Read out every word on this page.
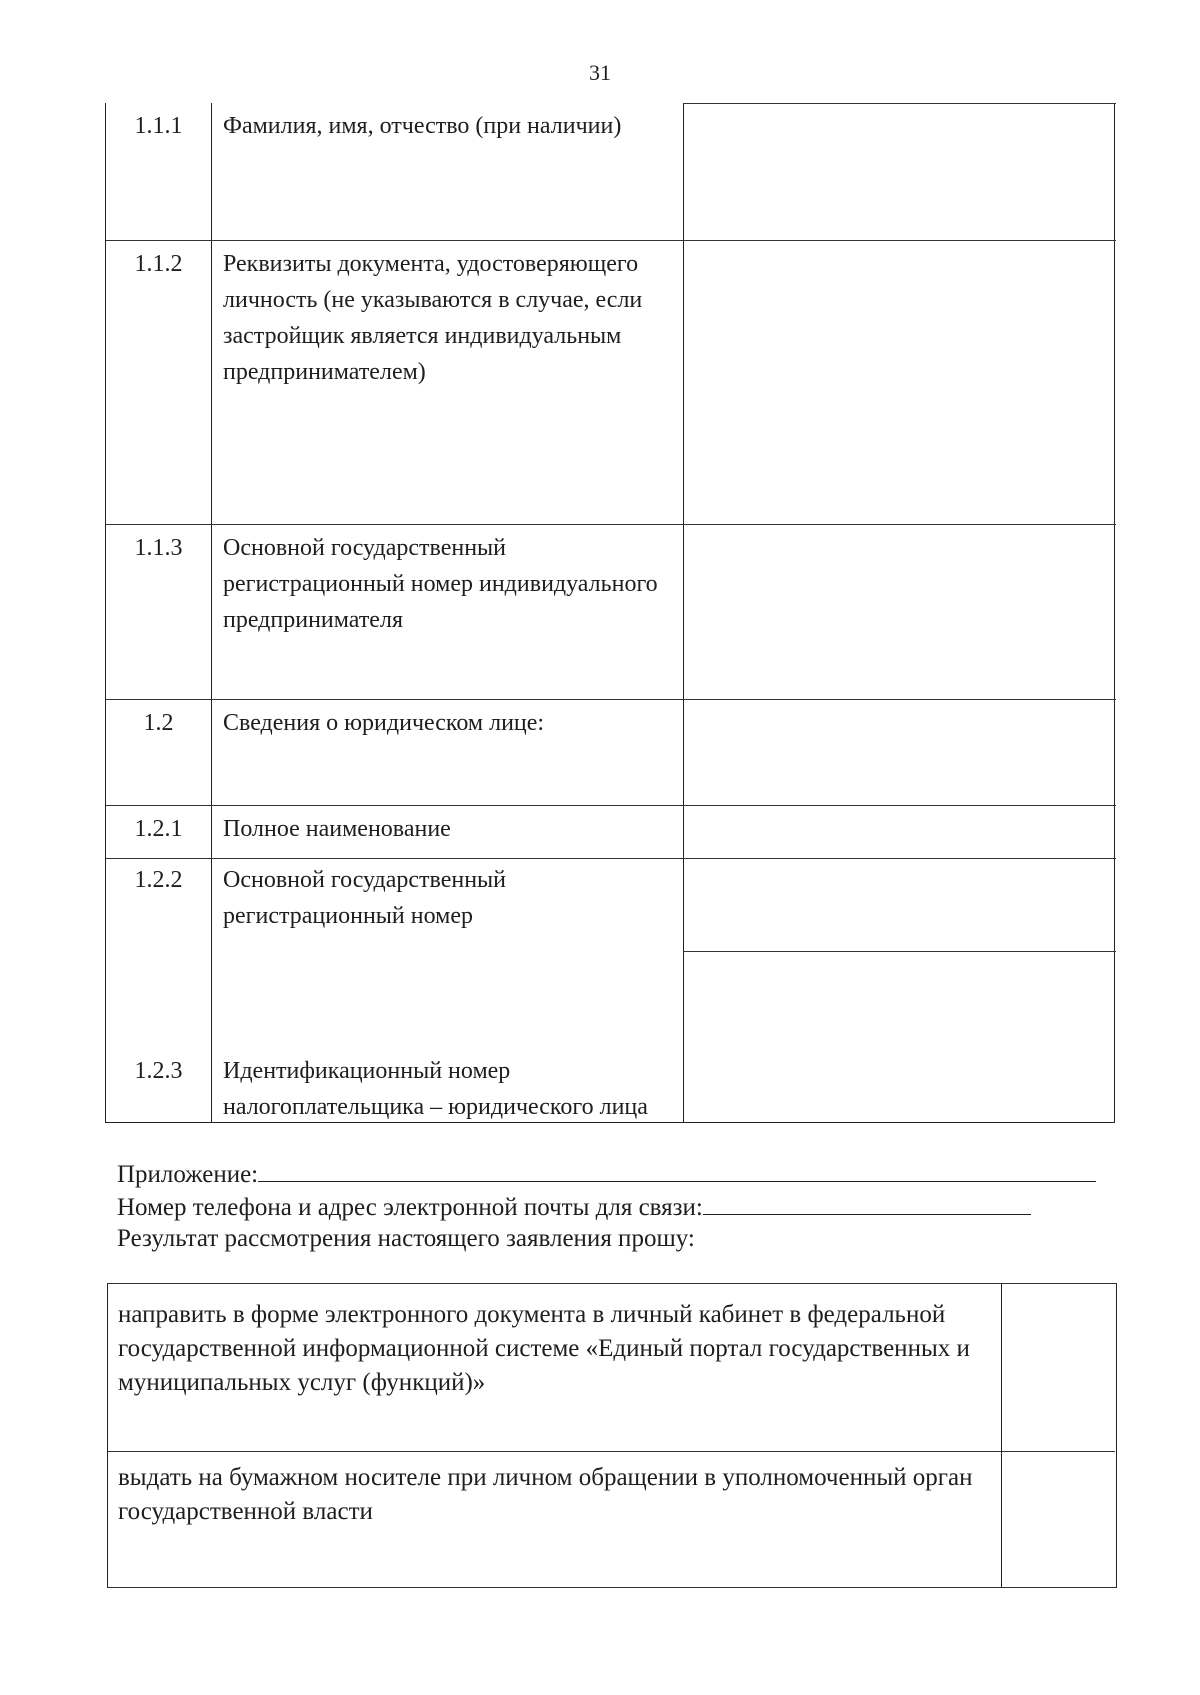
31
1.1.1	Фамилия, имя, отчество (при наличии)
1.1.2	Реквизиты документа, удостоверяющего личность (не указываются в случае, если застройщик является индивидуальным предпринимателем)
1.1.3	Основной государственный регистрационный номер индивидуального предпринимателя
1.2	Сведения о юридическом лице:
1.2.1	Полное наименование
1.2.2	Основной государственный регистрационный номер
1.2.3	Идентификационный номер налогоплательщика – юридического лица
Приложение:
Номер телефона и адрес электронной почты для связи:
Результат рассмотрения настоящего заявления прошу:
направить в форме электронного документа в личный кабинет в федеральной государственной информационной системе «Единый портал государственных и муниципальных услуг (функций)»
выдать на бумажном носителе при личном обращении в уполномоченный орган государственной власти
